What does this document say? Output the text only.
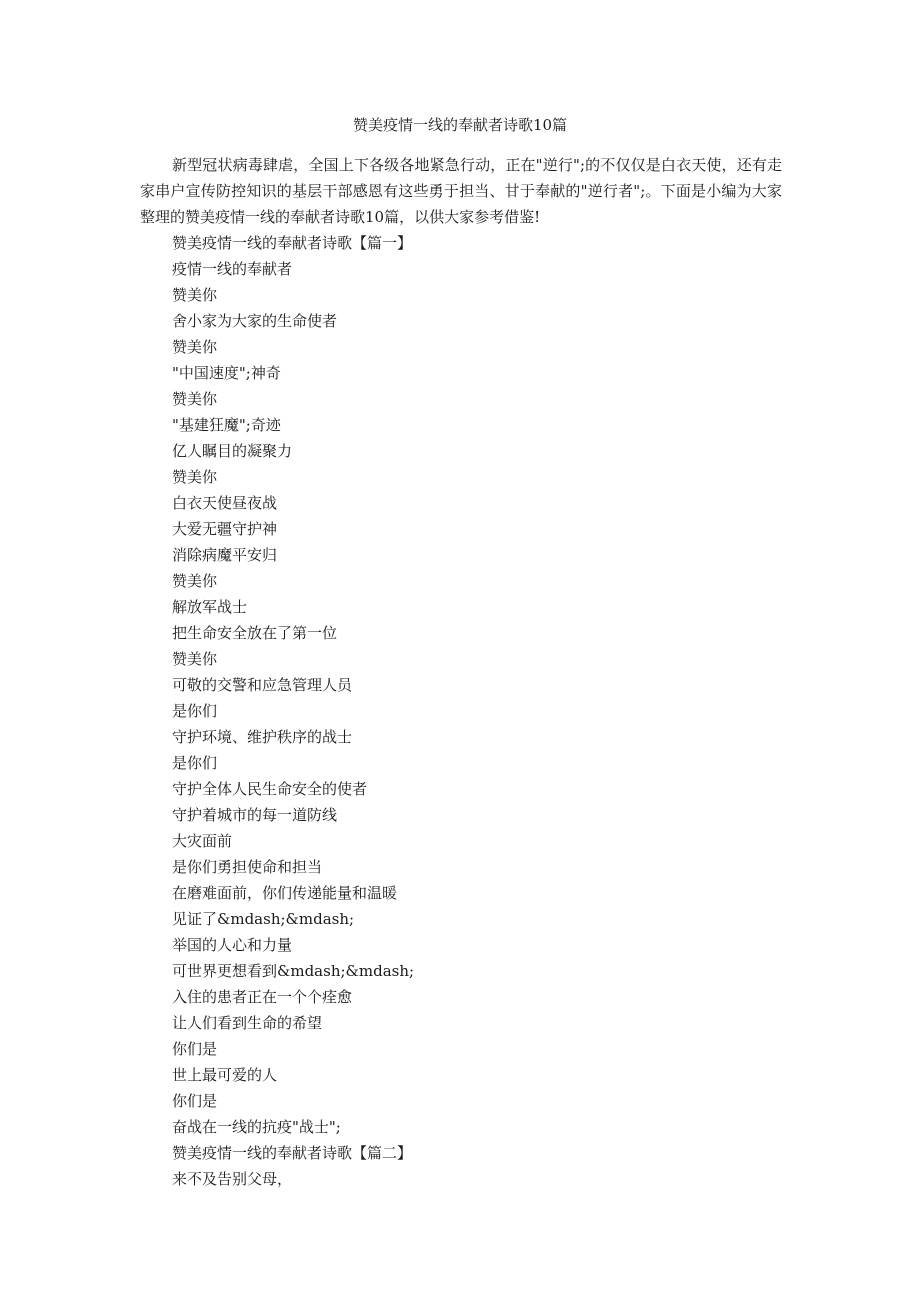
赞美疫情一线的奉献者诗歌10篇

新型冠状病毒肆虐，全国上下各级各地紧急行动，正在"逆行";的不仅仅是白衣天使，还有走家串户宣传防控知识的基层干部感恩有这些勇于担当、甘于奉献的"逆行者";。下面是小编为大家整理的赞美疫情一线的奉献者诗歌10篇，以供大家参考借鉴!

赞美疫情一线的奉献者诗歌【篇一】
疫情一线的奉献者
赞美你
舍小家为大家的生命使者
赞美你
"中国速度";神奇
赞美你
"基建狂魔";奇迹
亿人瞩目的凝聚力
赞美你
白衣天使昼夜战
大爱无疆守护神
消除病魔平安归
赞美你
解放军战士
把生命安全放在了第一位
赞美你
可敬的交警和应急管理人员
是你们
守护环境、维护秩序的战士
是你们
守护全体人民生命安全的使者
守护着城市的每一道防线
大灾面前
是你们勇担使命和担当
在磨难面前，你们传递能量和温暖
见证了&mdash;&mdash;
举国的人心和力量
可世界更想看到&mdash;&mdash;
入住的患者正在一个个痊愈
让人们看到生命的希望
你们是
世上最可爱的人
你们是
奋战在一线的抗疫"战士";
赞美疫情一线的奉献者诗歌【篇二】
来不及告别父母，
